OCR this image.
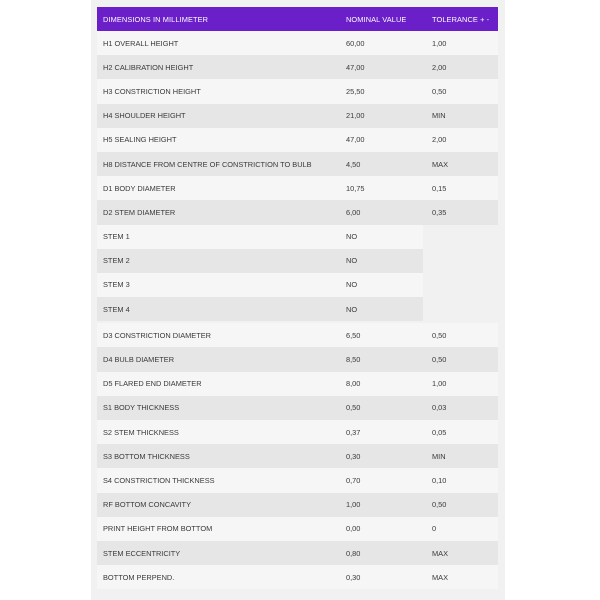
DIMENSIONS IN MILLIMETER	NOMINAL VALUE	TOLERANCE + -
H1 OVERALL HEIGHT	60,00	1,00
H2 CALIBRATION HEIGHT	47,00	2,00
H3 CONSTRICTION HEIGHT	25,50	0,50
H4 SHOULDER HEIGHT	21,00	MIN
H5 SEALING HEIGHT	47,00	2,00
H8 DISTANCE FROM CENTRE OF CONSTRICTION TO BULB	4,50	MAX
D1 BODY DIAMETER	10,75	0,15
D2 STEM DIAMETER	6,00	0,35
STEM 1	NO
STEM 2	NO
STEM 3	NO
STEM 4	NO
D3 CONSTRICTION DIAMETER	6,50	0,50
D4 BULB DIAMETER	8,50	0,50
D5 FLARED END DIAMETER	8,00	1,00
S1 BODY THICKNESS	0,50	0,03
S2 STEM THICKNESS	0,37	0,05
S3 BOTTOM THICKNESS	0,30	MIN
S4 CONSTRICTION THICKNESS	0,70	0,10
RF BOTTOM CONCAVITY	1,00	0,50
PRINT HEIGHT FROM BOTTOM	0,00	0
STEM ECCENTRICITY	0,80	MAX
BOTTOM PERPEND.	0,30	MAX
